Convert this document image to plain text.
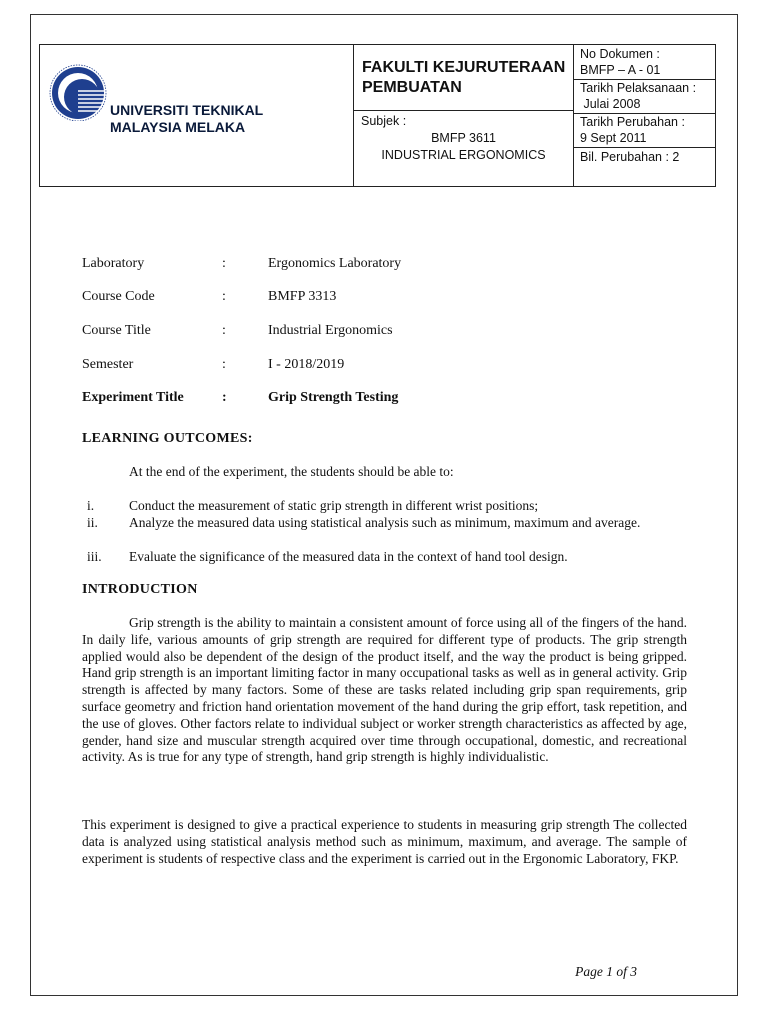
UNIVERSITI TEKNIKAL
MALAYSIA MELAKA
FAKULTI KEJURUTERAAN
PEMBUATAN
Subjek :
BMFP 3611
INDUSTRIAL ERGONOMICS
No Dokumen :
BMFP – A - 01
Tarikh Pelaksanaan :
Julai 2008
Tarikh Perubahan :
9 Sept 2011
Bil. Perubahan : 2
Laboratory	:	Ergonomics Laboratory
Course Code	:	BMFP 3313
Course Title	:	Industrial Ergonomics
Semester	:	I - 2018/2019
Experiment Title	:	Grip Strength Testing
LEARNING OUTCOMES:
At the end of the experiment, the students should be able to:
i.	Conduct the measurement of static grip strength in different wrist positions;
ii.	Analyze the measured data using statistical analysis such as minimum, maximum and average.
iii.	Evaluate the significance of the measured data in the context of hand tool design.
INTRODUCTION
Grip strength is the ability to maintain a consistent amount of force using all of the fingers of the hand. In daily life, various amounts of grip strength are required for different type of products. The grip strength applied would also be dependent of the design of the product itself, and the way the product is being gripped. Hand grip strength is an important limiting factor in many occupational tasks as well as in general activity. Grip strength is affected by many factors. Some of these are tasks related including grip span requirements, grip surface geometry and friction hand orientation movement of the hand during the grip effort, task repetition, and the use of gloves. Other factors relate to individual subject or worker strength characteristics as affected by age, gender, hand size and muscular strength acquired over time through occupational, domestic, and recreational activity. As is true for any type of strength, hand grip strength is highly individualistic.
This experiment is designed to give a practical experience to students in measuring grip strength The collected data is analyzed using statistical analysis method such as minimum, maximum, and average. The sample of experiment is students of respective class and the experiment is carried out in the Ergonomic Laboratory, FKP.
Page 1 of 3
